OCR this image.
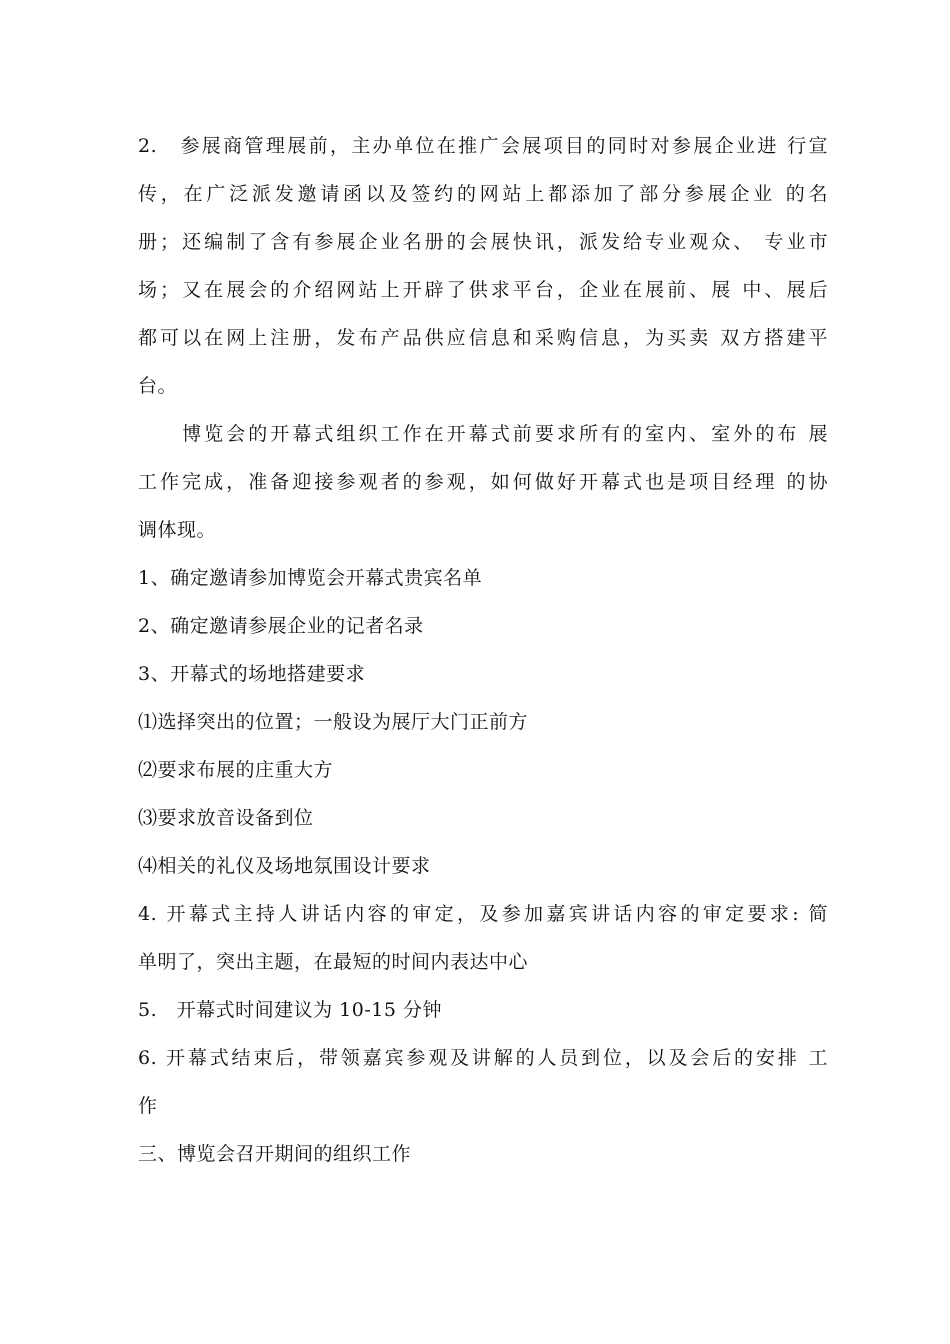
2.　参展商管理展前，主办单位在推广会展项目的同时对参展企业进 行宣

传，在广泛派发邀请函以及签约的网站上都添加了部分参展企业 的名

册；还编制了含有参展企业名册的会展快讯，派发给专业观众、 专业市

场；又在展会的介绍网站上开辟了供求平台，企业在展前、展 中、展后

都可以在网上注册，发布产品供应信息和采购信息，为买卖 双方搭建平

台。

　　博览会的开幕式组织工作在开幕式前要求所有的室内、室外的布 展

工作完成，准备迎接参观者的参观，如何做好开幕式也是项目经理 的协

调体现。

1、确定邀请参加博览会开幕式贵宾名单

2、确定邀请参展企业的记者名录

3、开幕式的场地搭建要求

⑴选择突出的位置；一般设为展厅大门正前方

⑵要求布展的庄重大方

⑶要求放音设备到位

⑷相关的礼仪及场地氛围设计要求

4. 开幕式主持人讲话内容的审定，及参加嘉宾讲话内容的审定要求: 简

单明了，突出主题，在最短的时间内表达中心

5.　开幕式时间建议为 10-15 分钟

6. 开幕式结束后，带领嘉宾参观及讲解的人员到位，以及会后的安排 工

作

三、博览会召开期间的组织工作
